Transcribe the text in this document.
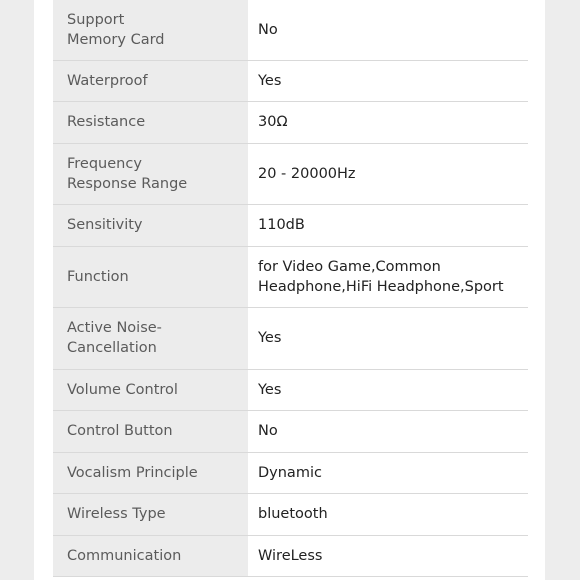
Support
Memory Card	No
Waterproof	Yes
Resistance	30Ω
Frequency
Response Range	20 - 20000Hz
Sensitivity	110dB
Function	for Video Game,Common
Headphone,HiFi Headphone,Sport
Active Noise-
Cancellation	Yes
Volume Control	Yes
Control Button	No
Vocalism Principle	Dynamic
Wireless Type	bluetooth
Communication	WireLess
